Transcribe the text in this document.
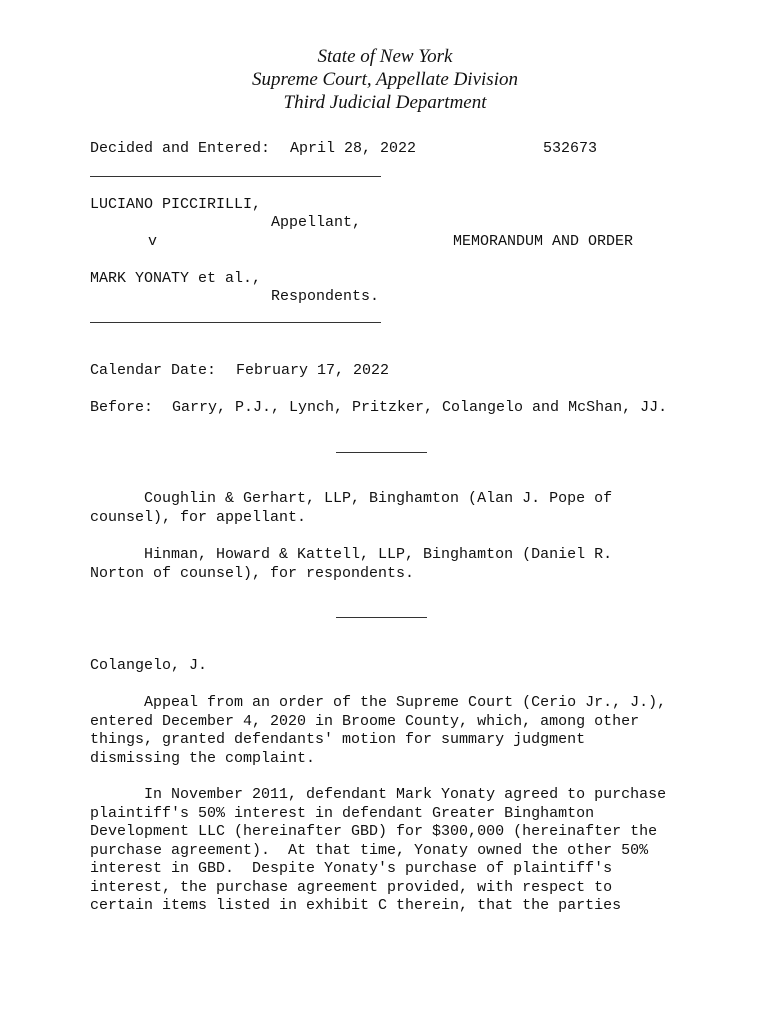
State of New York
Supreme Court, Appellate Division
Third Judicial Department
Decided and Entered: April 28, 2022	532673
LUCIANO PICCIRILLI,
Appellant,
v	MEMORANDUM AND ORDER
MARK YONATY et al.,
Respondents.
Calendar Date: February 17, 2022
Before: Garry, P.J., Lynch, Pritzker, Colangelo and McShan, JJ.
Coughlin & Gerhart, LLP, Binghamton (Alan J. Pope of
counsel), for appellant.
Hinman, Howard & Kattell, LLP, Binghamton (Daniel R.
Norton of counsel), for respondents.
Colangelo, J.
Appeal from an order of the Supreme Court (Cerio Jr., J.),
entered December 4, 2020 in Broome County, which, among other
things, granted defendants' motion for summary judgment
dismissing the complaint.
In November 2011, defendant Mark Yonaty agreed to purchase
plaintiff's 50% interest in defendant Greater Binghamton
Development LLC (hereinafter GBD) for $300,000 (hereinafter the
purchase agreement).  At that time, Yonaty owned the other 50%
interest in GBD.  Despite Yonaty's purchase of plaintiff's
interest, the purchase agreement provided, with respect to
certain items listed in exhibit C therein, that the parties
